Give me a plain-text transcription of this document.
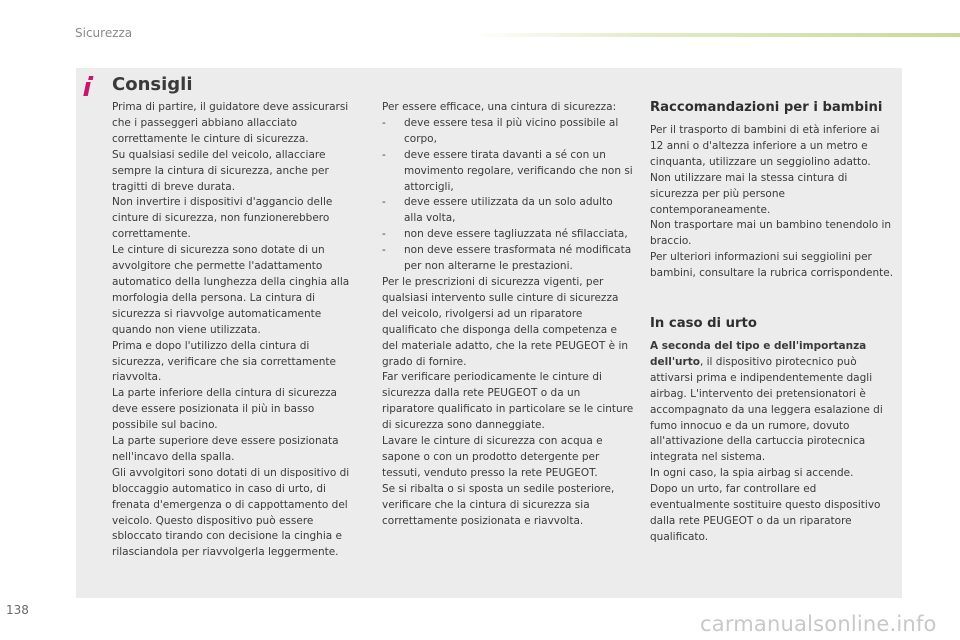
Sicurezza
Consigli

Prima di partire, il guidatore deve assicurarsi che i passeggeri abbiano allacciato correttamente le cinture di sicurezza.

Su qualsiasi sedile del veicolo, allacciare sempre la cintura di sicurezza, anche per tragitti di breve durata.

Non invertire i dispositivi d'aggancio delle cinture di sicurezza, non funzionerebbero correttamente.

Le cinture di sicurezza sono dotate di un avvolgitore che permette l'adattamento automatico della lunghezza della cinghia alla morfologia della persona. La cintura di sicurezza si riavvolge automaticamente quando non viene utilizzata.

Prima e dopo l'utilizzo della cintura di sicurezza, verificare che sia correttamente riavvolta.

La parte inferiore della cintura di sicurezza deve essere posizionata il più in basso possibile sul bacino.

La parte superiore deve essere posizionata nell'incavo della spalla.

Gli avvolgitori sono dotati di un dispositivo di bloccaggio automatico in caso di urto, di frenata d'emergenza o di cappottamento del veicolo. Questo dispositivo può essere sbloccato tirando con decisione la cinghia e rilasciandola per riavvolgerla leggermente.

Per essere efficace, una cintura di sicurezza:

-	deve essere tesa il più vicino possibile al corpo,
-	deve essere tirata davanti a sé con un movimento regolare, verificando che non si attorcigli,
-	deve essere utilizzata da un solo adulto alla volta,
-	non deve essere tagliuzzata né sfilacciata,
-	non deve essere trasformata né modificata per non alterarne le prestazioni.

Per le prescrizioni di sicurezza vigenti, per qualsiasi intervento sulle cinture di sicurezza del veicolo, rivolgersi ad un riparatore qualificato che disponga della competenza e del materiale adatto, che la rete PEUGEOT è in grado di fornire.

Far verificare periodicamente le cinture di sicurezza dalla rete PEUGEOT o da un riparatore qualificato in particolare se le cinture di sicurezza sono danneggiate.

Lavare le cinture di sicurezza con acqua e sapone o con un prodotto detergente per tessuti, venduto presso la rete PEUGEOT.

Se si ribalta o si sposta un sedile posteriore, verificare che la cintura di sicurezza sia correttamente posizionata e riavvolta.

Raccomandazioni per i bambini

Per il trasporto di bambini di età inferiore ai 12 anni o d'altezza inferiore a un metro e cinquanta, utilizzare un seggiolino adatto.

Non utilizzare mai la stessa cintura di sicurezza per più persone contemporaneamente.

Non trasportare mai un bambino tenendolo in braccio.

Per ulteriori informazioni sui seggiolini per bambini, consultare la rubrica corrispondente.

In caso di urto

A seconda del tipo e dell'importanza dell'urto, il dispositivo pirotecnico può attivarsi prima e indipendentemente dagli airbag. L'intervento dei pretensionatori è accompagnato da una leggera esalazione di fumo innocuo e da un rumore, dovuto all'attivazione della cartuccia pirotecnica integrata nel sistema.

In ogni caso, la spia airbag si accende.

Dopo un urto, far controllare ed eventualmente sostituire questo dispositivo dalla rete PEUGEOT o da un riparatore qualificato.

138
carmanualsonline.info
